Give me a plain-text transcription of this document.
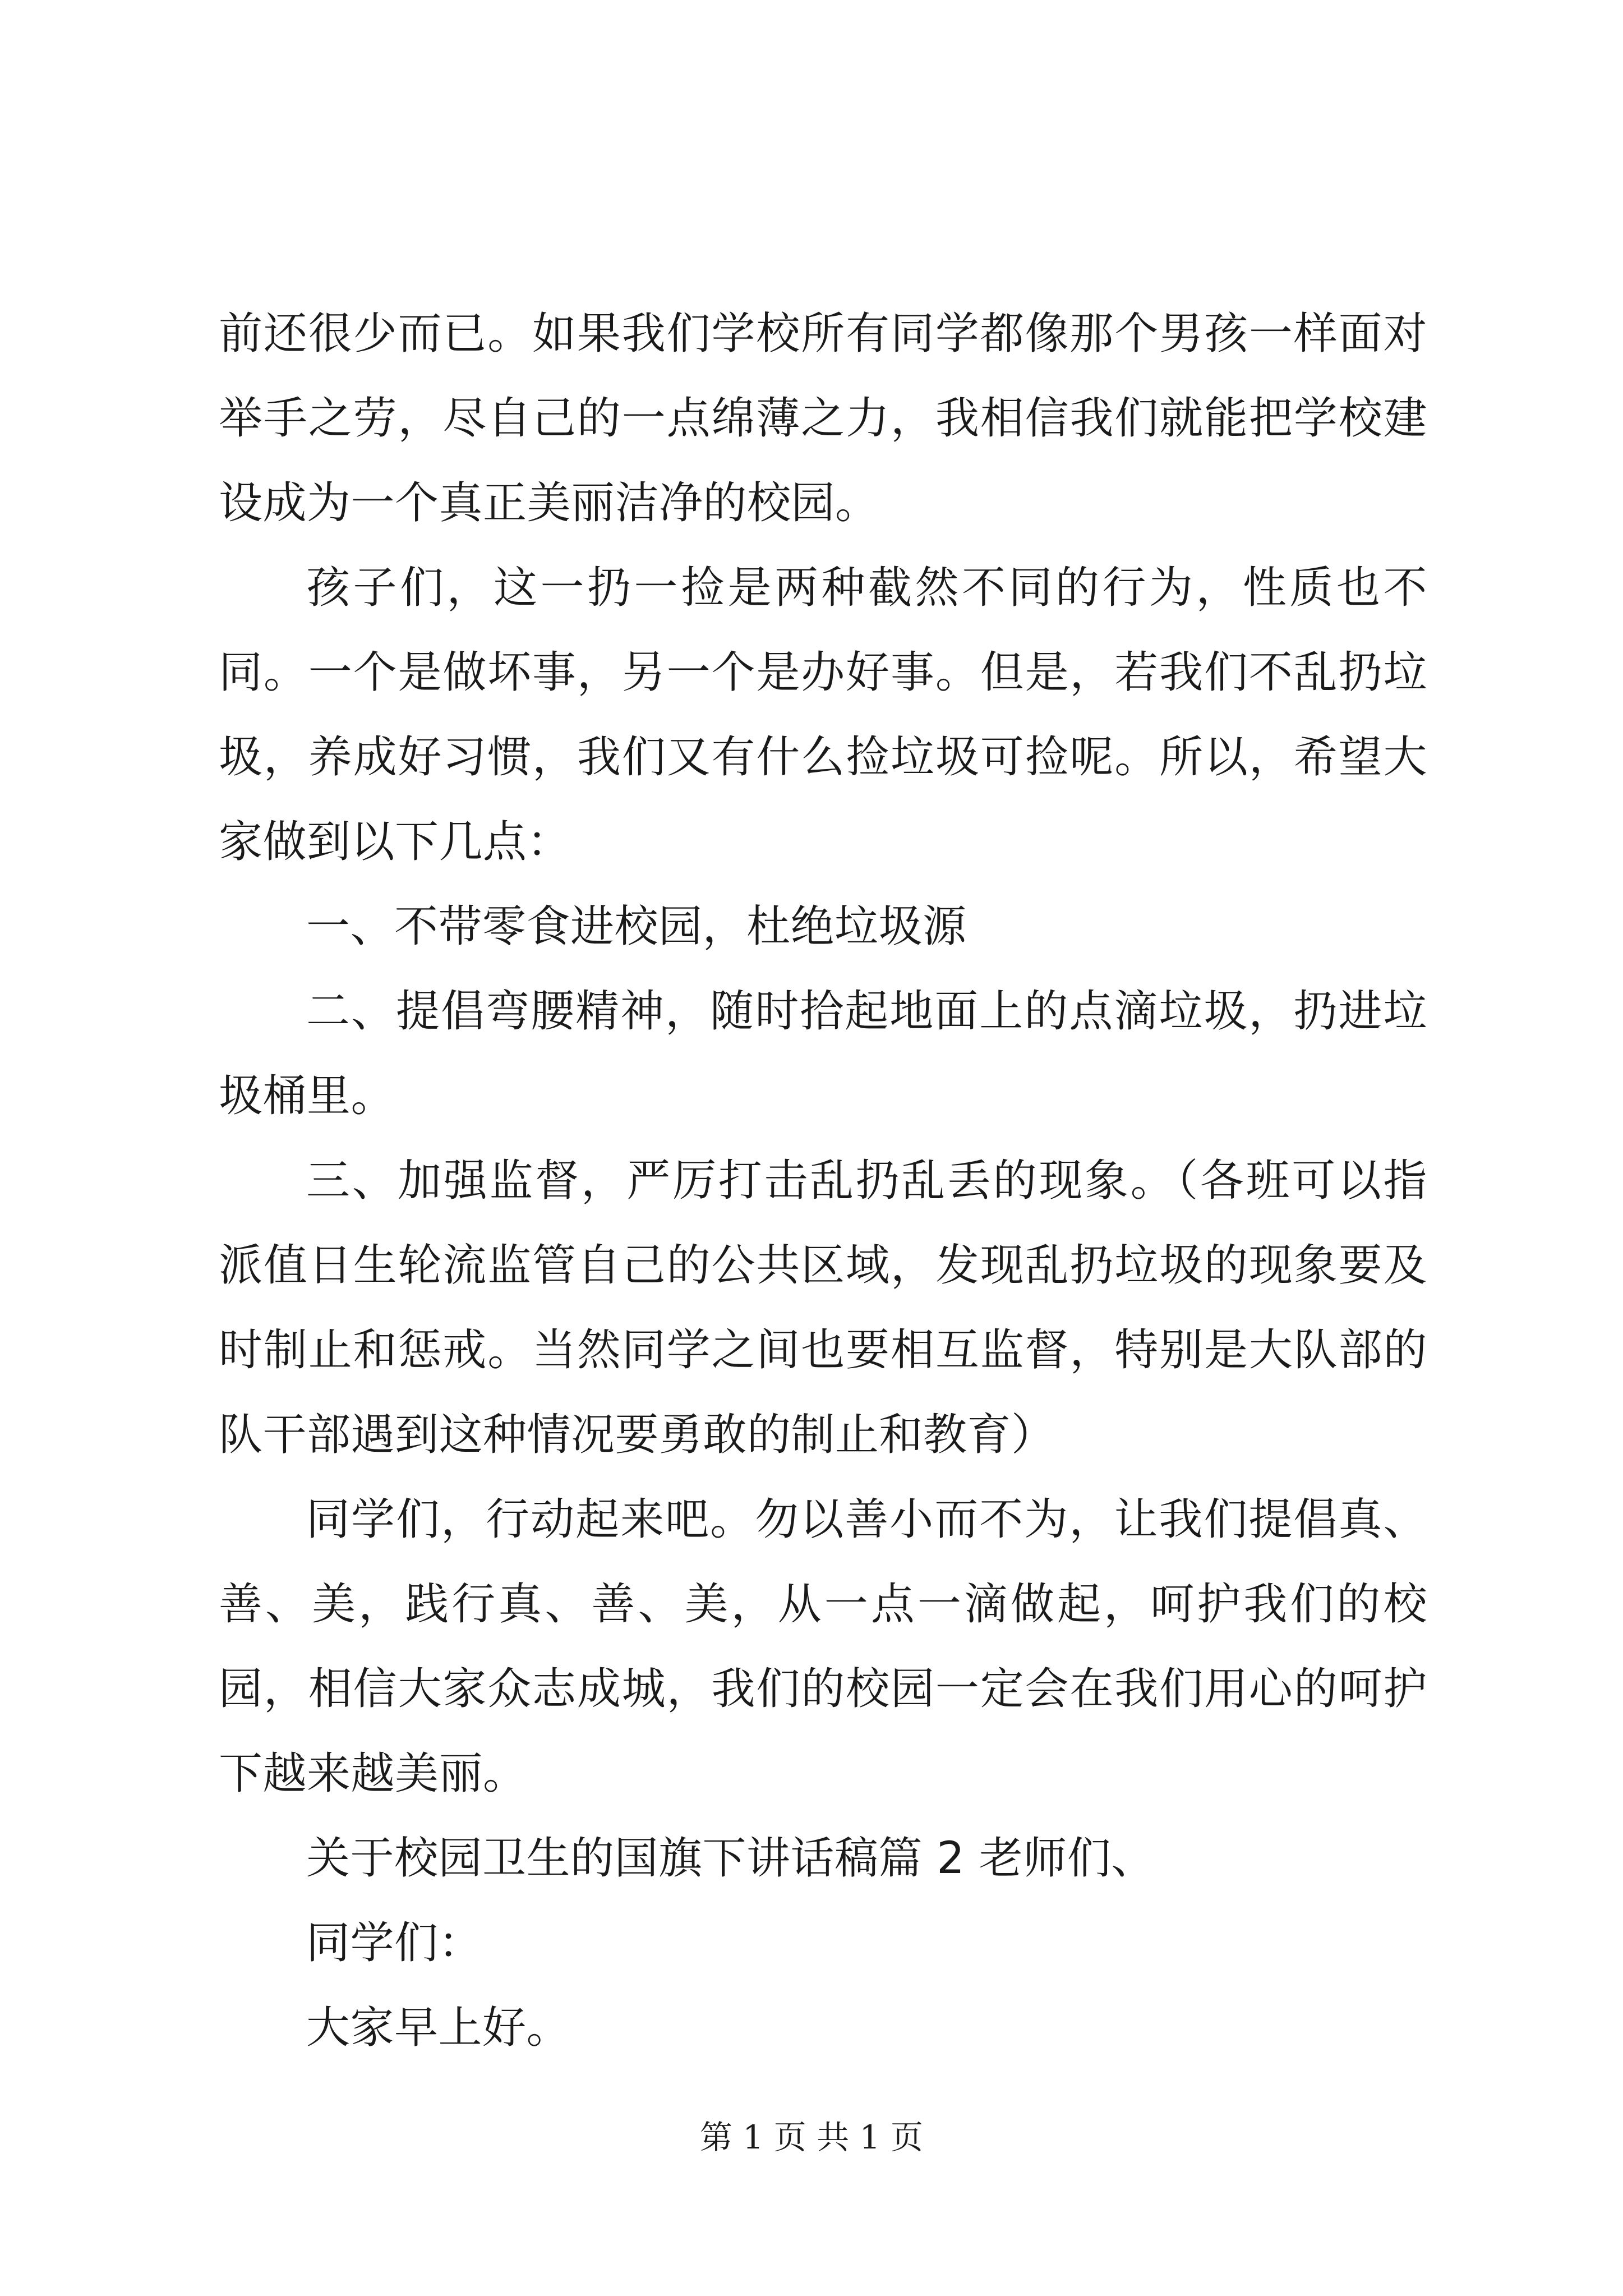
前还很少而已。如果我们学校所有同学都像那个男孩一样面对举手之劳，尽自己的一点绵薄之力，我相信我们就能把学校建设成为一个真正美丽洁净的校园。

孩子们，这一扔一捡是两种截然不同的行为，性质也不同。一个是做坏事，另一个是办好事。但是，若我们不乱扔垃圾，养成好习惯，我们又有什么捡垃圾可捡呢。所以，希望大家做到以下几点：

一、不带零食进校园，杜绝垃圾源

二、提倡弯腰精神，随时拾起地面上的点滴垃圾，扔进垃圾桶里。

三、加强监督，严厉打击乱扔乱丢的现象。（各班可以指派值日生轮流监管自己的公共区域，发现乱扔垃圾的现象要及时制止和惩戒。当然同学之间也要相互监督，特别是大队部的队干部遇到这种情况要勇敢的制止和教育）

同学们，行动起来吧。勿以善小而不为，让我们提倡真、善、美，践行真、善、美，从一点一滴做起，呵护我们的校园，相信大家众志成城，我们的校园一定会在我们用心的呵护下越来越美丽。

关于校园卫生的国旗下讲话稿篇 2 老师们、

同学们：

大家早上好。

第 1 页 共 1 页
